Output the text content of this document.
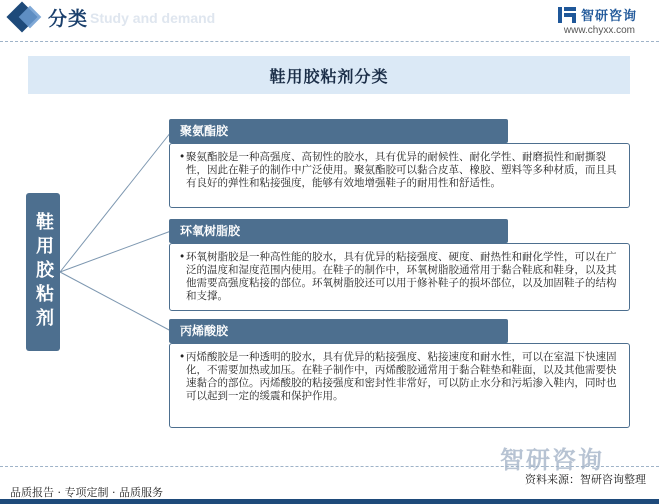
Study and demand
分类	智研咨询
www.chyxx.com
鞋用胶粘剂分类
鞋用胶粘剂
聚氨酯胶

• 聚氨酯胶是一种高强度、高韧性的胶水，具有优异的耐候性、耐化学性、耐磨损性和耐撕裂性，因此在鞋子的制作中广泛使用。聚氨酯胶可以黏合皮革、橡胶、塑料等多种材质，而且具有良好的弹性和粘接强度，能够有效地增强鞋子的耐用性和舒适性。

环氧树脂胶

• 环氧树脂胶是一种高性能的胶水，具有优异的粘接强度、硬度、耐热性和耐化学性，可以在广泛的温度和湿度范围内使用。在鞋子的制作中，环氧树脂胶通常用于黏合鞋底和鞋身，以及其他需要高强度粘接的部位。环氧树脂胶还可以用于修补鞋子的损坏部位，以及加固鞋子的结构和支撑。

丙烯酸胶

• 丙烯酸胶是一种透明的胶水，具有优异的粘接强度、粘接速度和耐水性，可以在室温下快速固化，不需要加热或加压。在鞋子制作中，丙烯酸胶通常用于黏合鞋垫和鞋面，以及其他需要快速黏合的部位。丙烯酸胶的粘接强度和密封性非常好，可以防止水分和污垢渗入鞋内，同时也可以起到一定的缓震和保护作用。

智研咨询
资料来源：智研咨询整理
品质报告 · 专项定制 · 品质服务
